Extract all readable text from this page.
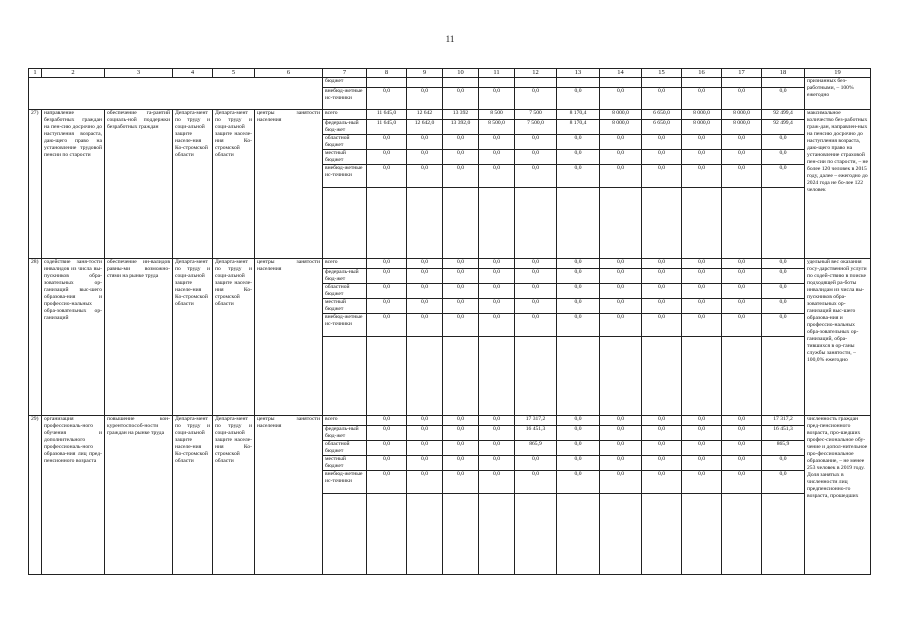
11
1	2	3	4	5	6	7	8	9	10	11	12	13	14	15	16	17	18	19
						бюджет												признанных без-работными, – 100% ежегодно
						внебюд-жетные ис-точники	0,0	0,0	0,0	0,0	0,0	0,0	0,0	0,0	0,0	0,0	0,0	
27)	направление безработных граждан на пен-сию досрочно до наступления возраста, даю-щего право на установление трудовой пенсии по старости	обеспечение га-рантий социаль-ной поддержки безработных граждан	Департа-мент по труду и соци-альной защите населе-ния Ко-стромской области	Департа-мент по труду и соци-альной защите населе-ния Ко-стромской области	центры занятости населения	всего	11 645,0	12 642	13 392	8 500	7 500	8 170,4	8 000,0	6 650,0	8 000,0	8 000,0	92 499,4	максимальное количество без-работных граж-дан, направлен-ных на пенсию досрочно до наступления возраста, даю-щего право на установление страховой пен-сии по старости, – не более 120 человек в 2015 году, далее – ежегодно до 2024 года не бо-лее 122 человек
						федераль-ный бюд-жет	11 645,0	12 642,0	13 392,0	8 500,0	7 500,0	8 170,4	8 000,0	6 650,0	8 000,0	8 000,0	92 499,4	
						областной бюджет	0,0	0,0	0,0	0,0	0,0	0,0	0,0	0,0	0,0	0,0	0,0	
						местный бюджет	0,0	0,0	0,0	0,0	0,0	0,0	0,0	0,0	0,0	0,0	0,0	
						внебюд-жетные ис-точники	0,0	0,0	0,0	0,0	0,0	0,0	0,0	0,0	0,0	0,0	0,0	

28)	содействие заня-тости инвалидов из числа вы-пускников обра-зовательных ор-ганизаций выс-шего образова-ния и профессио-нальных обра-зовательных ор-ганизаций	обеспечение ин-валидов равны-ми возможно-стями на рынке труда	Департа-мент по труду и соци-альной защите населе-ния Ко-стромской области	Департа-мент по труду и соци-альной защите населе-ния Ко-стромской области	центры занятости населения	всего	0,0	0,0	0,0	0,0	0,0	0,0	0,0	0,0	0,0	0,0	0,0	удельный вес оказания госу-дарственной услуги по содей-ствию в поиске подходящей ра-боты инвалидам из числа вы-пускников обра-зовательных ор-ганизаций выс-шего образова-ния и профессио-нальных обра-зовательных ор-ганизаций, обра-тившихся в ор-ганы службы занятости, – 100,0% ежегодно
						федераль-ный бюд-жет	0,0	0,0	0,0	0,0	0,0	0,0	0,0	0,0	0,0	0,0	0,0	
						областной бюджет	0,0	0,0	0,0	0,0	0,0	0,0	0,0	0,0	0,0	0,0	0,0	
						местный бюджет	0,0	0,0	0,0	0,0	0,0	0,0	0,0	0,0	0,0	0,0	0,0	
						внебюд-жетные ис-точники	0,0	0,0	0,0	0,0	0,0	0,0	0,0	0,0	0,0	0,0	0,0	

29)	организация профессиональ-ного обучения и дополнительного профессиональ-ного образова-ния лиц пред-пенсионного возраста	повышение кон-курентоспособ-ности граждан на рынке труда	Департа-мент по труду и соци-альной защите населе-ния Ко-стромской области	Департа-мент по труду и соци-альной защите населе-ния Ко-стромской области	центры занятости населения	всего	0,0	0,0	0,0	0,0	17 317,2	0,0	0,0	0,0	0,0	0,0	17 317,2	численность граждан пред-пенсионного возраста, про-шедших профес-сиональное обу-чение и допол-нительное про-фессиональное образование, – не менее 253 человек в 2019 году. Доля занятых в численности лиц предпенсионно-го возраста, прошедших
						федераль-ный бюд-жет	0,0	0,0	0,0	0,0	16 451,3	0,0	0,0	0,0	0,0	0,0	16 451,3	
						областной бюджет	0,0	0,0	0,0	0,0	865,9	0,0	0,0	0,0	0,0	0,0	865,9	
						местный бюджет	0,0	0,0	0,0	0,0	0,0	0,0	0,0	0,0	0,0	0,0	0,0	
						внебюд-жетные ис-точники	0,0	0,0	0,0	0,0	0,0	0,0	0,0	0,0	0,0	0,0	0,0	
